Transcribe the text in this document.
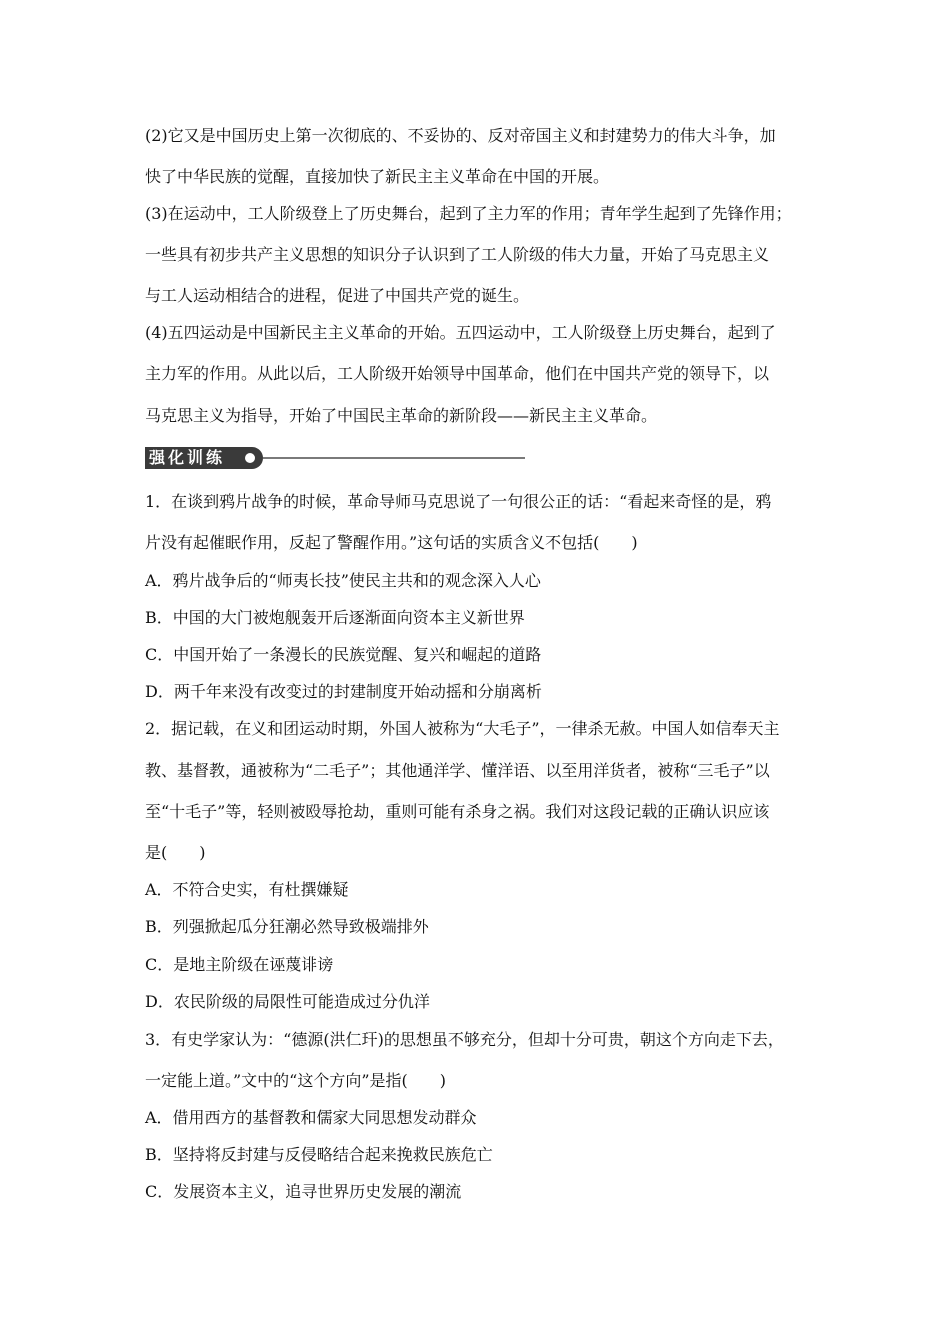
(2)它又是中国历史上第一次彻底的、不妥协的、反对帝国主义和封建势力的伟大斗争，加
快了中华民族的觉醒，直接加快了新民主主义革命在中国的开展。
(3)在运动中，工人阶级登上了历史舞台，起到了主力军的作用；青年学生起到了先锋作用；
一些具有初步共产主义思想的知识分子认识到了工人阶级的伟大力量，开始了马克思主义
与工人运动相结合的进程，促进了中国共产党的诞生。
(4)五四运动是中国新民主主义革命的开始。五四运动中，工人阶级登上历史舞台，起到了
主力军的作用。从此以后，工人阶级开始领导中国革命，他们在中国共产党的领导下，以
马克思主义为指导，开始了中国民主革命的新阶段——新民主主义革命。
强化训练
1．在谈到鸦片战争的时候，革命导师马克思说了一句很公正的话：“看起来奇怪的是，鸦
片没有起催眠作用，反起了警醒作用。”这句话的实质含义不包括(　　)
A．鸦片战争后的“师夷长技”使民主共和的观念深入人心
B．中国的大门被炮舰轰开后逐渐面向资本主义新世界
C．中国开始了一条漫长的民族觉醒、复兴和崛起的道路
D．两千年来没有改变过的封建制度开始动摇和分崩离析
2．据记载，在义和团运动时期，外国人被称为“大毛子”，一律杀无赦。中国人如信奉天主
教、基督教，通被称为“二毛子”；其他通洋学、懂洋语、以至用洋货者，被称“三毛子”以
至“十毛子”等，轻则被殴辱抢劫，重则可能有杀身之祸。我们对这段记载的正确认识应该
是(　　)
A．不符合史实，有杜撰嫌疑
B．列强掀起瓜分狂潮必然导致极端排外
C．是地主阶级在诬蔑诽谤
D．农民阶级的局限性可能造成过分仇洋
3．有史学家认为：“德源(洪仁玕)的思想虽不够充分，但却十分可贵，朝这个方向走下去，
一定能上道。”文中的“这个方向”是指(　　)
A．借用西方的基督教和儒家大同思想发动群众
B．坚持将反封建与反侵略结合起来挽救民族危亡
C．发展资本主义，追寻世界历史发展的潮流
